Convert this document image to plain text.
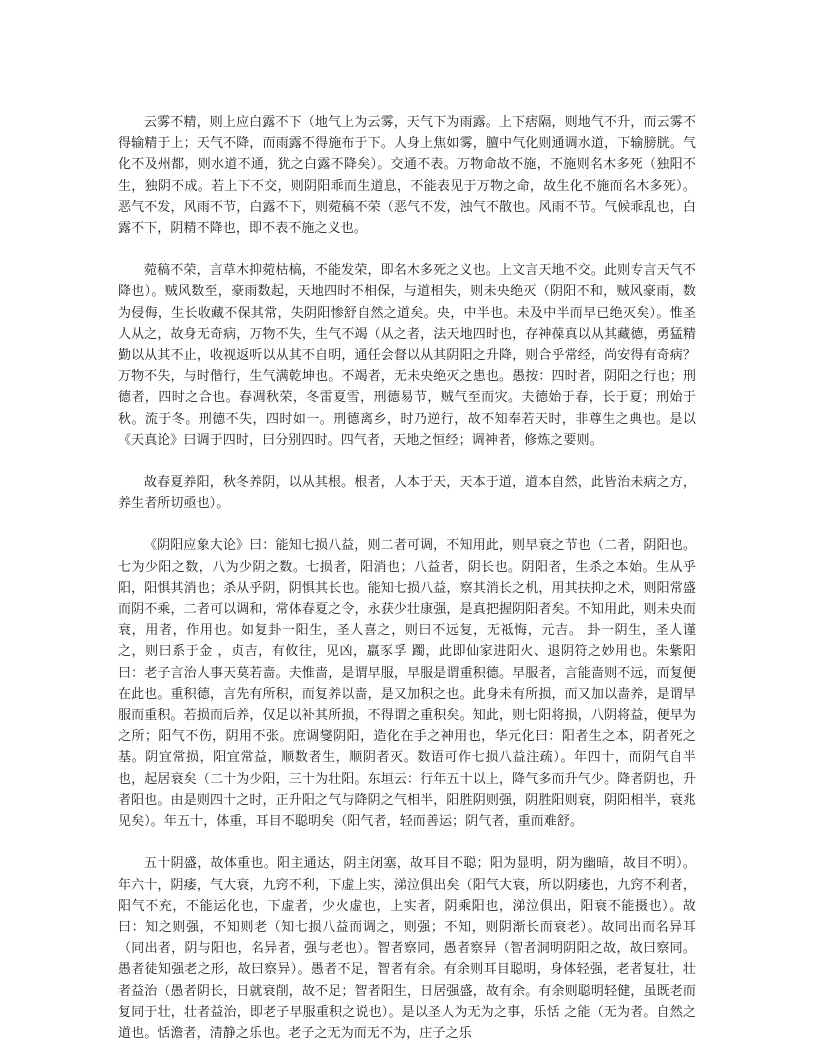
云雾不精，则上应白露不下（地气上为云雾，天气下为雨露。上下痞隔，则地气不升，而云雾不得输精于上；天气不降，而雨露不得施布于下。人身上焦如雾，膻中气化则通调水道，下输膀胱。气化不及州都，则水道不通，犹之白露不降矣）。交通不表。万物命故不施，不施则名木多死（独阳不生，独阴不成。若上下不交，则阴阳乖而生道息，不能表见于万物之命，故生化不施而名木多死）。恶气不发，风雨不节，白露不下，则菀稿不荣（恶气不发，浊气不散也。风雨不节。气候乖乱也，白露不下，阴精不降也，即不表不施之义也。

菀稿不荣，言草木抑菀枯槁，不能发荣，即名木多死之义也。上文言天地不交。此则专言天气不降也）。贼风数至，豪雨数起，天地四时不相保，与道相失，则未央绝灭（阴阳不和，贼风豪雨，数为侵侮，生长收藏不保其常，失阴阳惨舒自然之道矣。央，中半也。未及中半而早已绝灭矣）。惟圣人从之，故身无奇病，万物不失，生气不竭（从之者，法天地四时也，存神葆真以从其藏德，勇猛精勤以从其不止，收视返听以从其不自明，通任会督以从其阴阳之升降，则合乎常经，尚安得有奇病？万物不失，与时偕行，生气满乾坤也。不竭者，无未央绝灭之患也。愚按：四时者，阴阳之行也；刑德者，四时之合也。春凋秋荣，冬雷夏雪，刑德易节，贼气至而灾。夫德始于春，长于夏；刑始于秋。流于冬。刑德不失，四时如一。刑德离乡，时乃逆行，故不知奉若天时，非尊生之典也。是以《天真论》曰调于四时，曰分别四时。四气者，天地之恒经；调神者，修炼之要则。

故春夏养阳，秋冬养阴，以从其根。根者，人本于天，天本于道，道本自然，此皆治未病之方，养生者所切亟也）。

《阴阳应象大论》曰：能知七损八益，则二者可调，不知用此，则早衰之节也（二者，阴阳也。七为少阳之数，八为少阴之数。七损者，阳消也；八益者，阴长也。阴阳者，生杀之本始。生从乎阳，阳惧其消也；杀从乎阴，阴惧其长也。能知七损八益，察其消长之机，用其扶抑之术，则阳常盛而阴不乘，二者可以调和，常体春夏之令，永获少壮康强，是真把握阴阳者矣。不知用此，则未央而衰，用者，作用也。如复卦一阳生，圣人喜之，则曰不远复，无祗悔，元吉。 卦一阴生，圣人谨之，则曰系于金 ，贞吉，有攸往，见凶，羸豕孚 躅，此即仙家进阳火、退阴符之妙用也。朱紫阳曰：老子言治人事天莫若啬。夫惟啬，是谓早服，早服是谓重积德。早服者，言能啬则不远，而复便在此也。重积德，言先有所积，而复养以啬，是又加积之也。此身未有所损，而又加以啬养，是谓早服而重积。若损而后养，仅足以补其所损，不得谓之重积矣。知此，则七阳将损，八阴将益，便早为之所；阳气不伤，阴用不张。庶调燮阴阳，造化在手之神用也，华元化曰：阳者生之本，阴者死之基。阴宜常损，阳宜常益，顺数者生，顺阴者灭。数语可作七损八益注疏）。年四十，而阴气自半也，起居衰矣（二十为少阳，三十为壮阳。东垣云：行年五十以上，降气多而升气少。降者阴也，升者阳也。由是则四十之时，正升阳之气与降阴之气相半，阳胜阴则强，阴胜阳则衰，阴阳相半，衰兆见矣）。年五十，体重，耳目不聪明矣（阳气者，轻而善运；阴气者，重而难舒。

五十阴盛，故体重也。阳主通达，阴主闭塞，故耳目不聪；阳为显明，阴为幽暗，故目不明）。年六十，阴痿，气大衰，九窍不利，下虚上实，涕泣俱出矣（阳气大衰，所以阴痿也，九窍不利者，阳气不充，不能运化也，下虚者，少火虚也，上实者，阴乘阳也，涕泣俱出，阳衰不能摄也）。故曰：知之则强，不知则老（知七损八益而调之，则强；不知，则阴渐长而衰老）。故同出而名异耳（同出者，阴与阳也，名异者，强与老也）。智者察同，愚者察异（智者洞明阴阳之故，故曰察同。愚者徒知强老之形，故曰察异）。愚者不足，智者有余。有余则耳目聪明，身体轻强，老者复壮，壮者益治（愚者阴长，日就衰削，故不足；智者阳生，日居强盛，故有余。有余则聪明轻健，虽既老而复同于壮，壮者益治，即老子早服重积之说也）。是以圣人为无为之事，乐恬 之能（无为者。自然之道也。恬澹者，清静之乐也。老子之无为而无不为，庄子之乐
